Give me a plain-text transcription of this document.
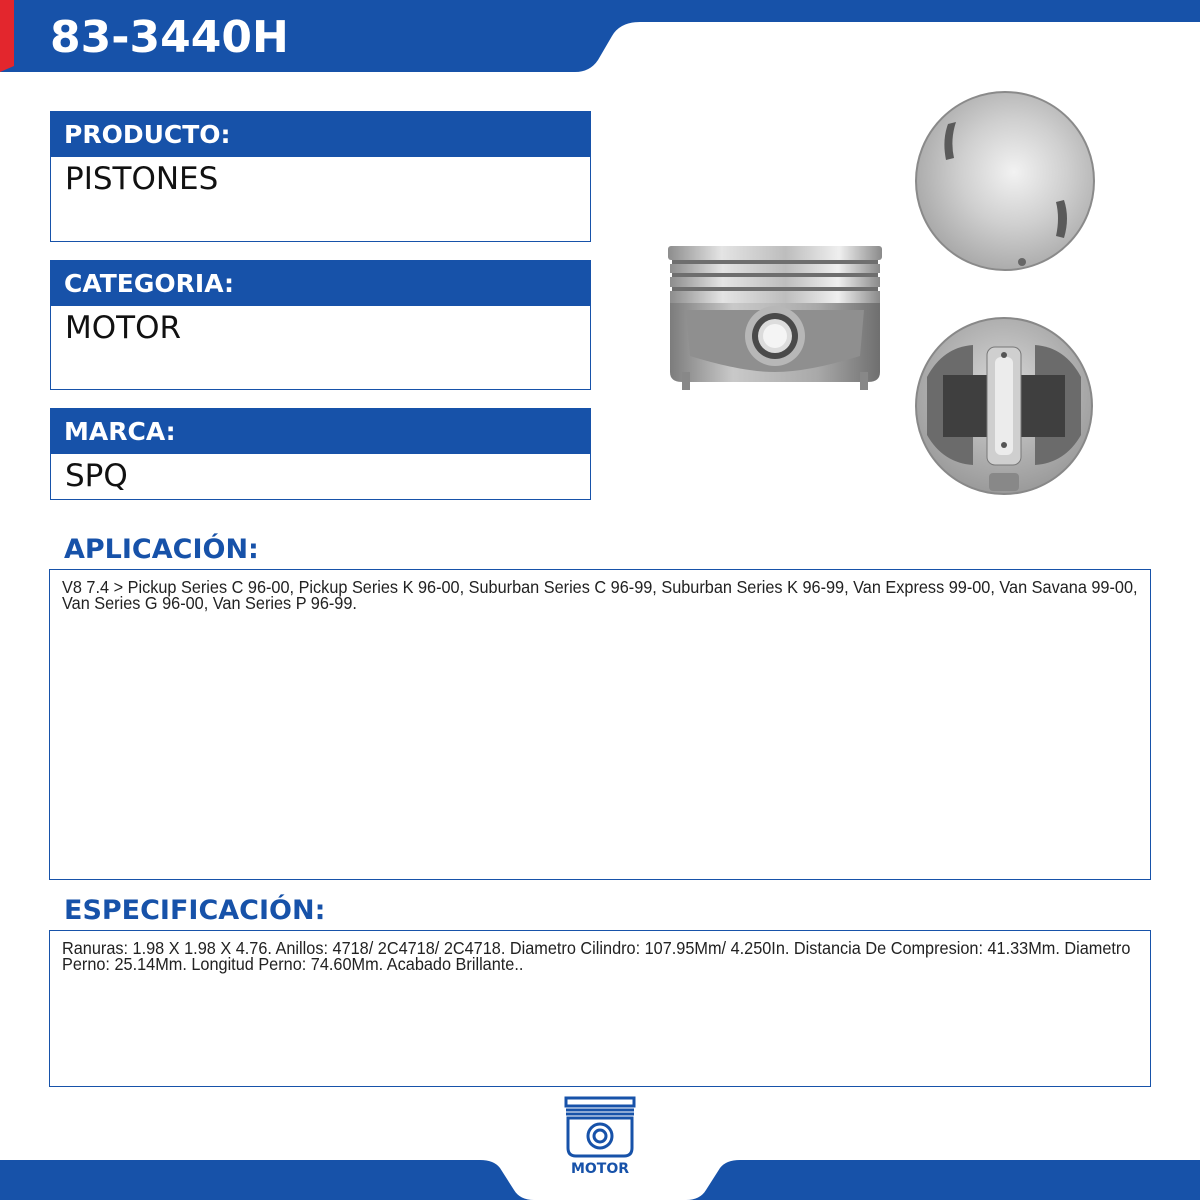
83-3440H
PRODUCTO:
PISTONES
CATEGORIA:
MOTOR
MARCA:
SPQ
APLICACIÓN:

V8 7.4 > Pickup Series C 96-00, Pickup Series K 96-00, Suburban Series C 96-99, Suburban Series K 96-99, Van Express 99-00, Van Savana 99-00, Van Series G 96-00, Van Series P 96-99.

ESPECIFICACIÓN:

Ranuras: 1.98 X 1.98 X 4.76. Anillos: 4718/ 2C4718/ 2C4718. Diametro Cilindro: 107.95Mm/ 4.250In. Distancia De Compresion: 41.33Mm. Diametro Perno: 25.14Mm. Longitud Perno: 74.60Mm. Acabado Brillante..

MOTOR
